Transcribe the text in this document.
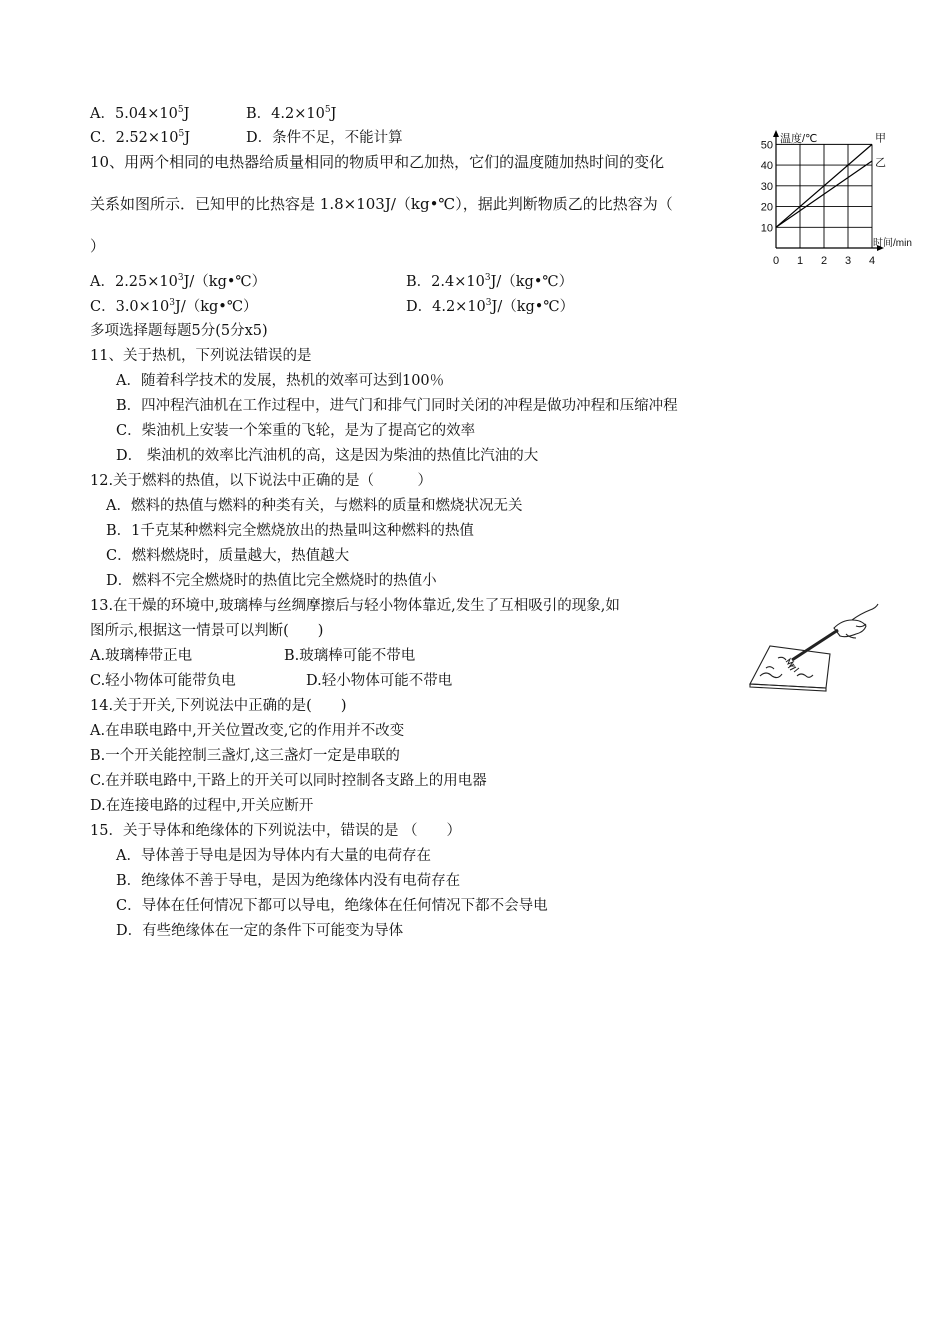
A．$5.04\times 10^5J$	B．$4.2\times 10^5J$
C．$2.52\times 10^5J$	D．条件不足，不能计算
10、用两个相同的电热器给质量相同的物质甲和乙加热，它们的温度随加热时间的变化
关系如图所示．已知甲的比热容是 1.8×103J/（kg•℃），据此判断物质乙的比热容为（
）
A．$2.25\times 10^3J/(kg•℃)$	B．$2.4\times 10^3J/(kg•℃)$
C．$3.0\times 10^3J/(kg•℃)$	D．$4.2\times 10^3J/(kg•℃)$
10
20
30
40
50
0 1 2 3 4
温度/℃
时间/min
甲
乙
多项选择题每题5分(5分x5)
11、关于热机，下列说法错误的是
A．随着科学技术的发展，热机的效率可达到100％
B．四冲程汽油机在工作过程中，进气门和排气门同时关闭的冲程是做功冲程和压缩冲程
C．柴油机上安装一个笨重的飞轮，是为了提高它的效率
D． 柴油机的效率比汽油机的高，这是因为柴油的热值比汽油的大
12.关于燃料的热值，以下说法中正确的是（　　　）
A．燃料的热值与燃料的种类有关，与燃料的质量和燃烧状况无关
B．1千克某种燃料完全燃烧放出的热量叫这种燃料的热值
C．燃料燃烧时，质量越大，热值越大
D．燃料不完全燃烧时的热值比完全燃烧时的热值小
13.在干燥的环境中,玻璃棒与丝绸摩擦后与轻小物体靠近,发生了互相吸引的现象,如
图所示,根据这一情景可以判断(　　)
A.玻璃棒带正电	B.玻璃棒可能不带电
C.轻小物体可能带负电	D.轻小物体可能不带电
14.关于开关,下列说法中正确的是(　　)
A.在串联电路中,开关位置改变,它的作用并不改变
B.一个开关能控制三盏灯,这三盏灯一定是串联的
C.在并联电路中,干路上的开关可以同时控制各支路上的用电器
D.在连接电路的过程中,开关应断开
15．关于导体和绝缘体的下列说法中，错误的是 （　　）
A．导体善于导电是因为导体内有大量的电荷存在
B．绝缘体不善于导电，是因为绝缘体内没有电荷存在
C．导体在任何情况下都可以导电，绝缘体在任何情况下都不会导电
D．有些绝缘体在一定的条件下可能变为导体
